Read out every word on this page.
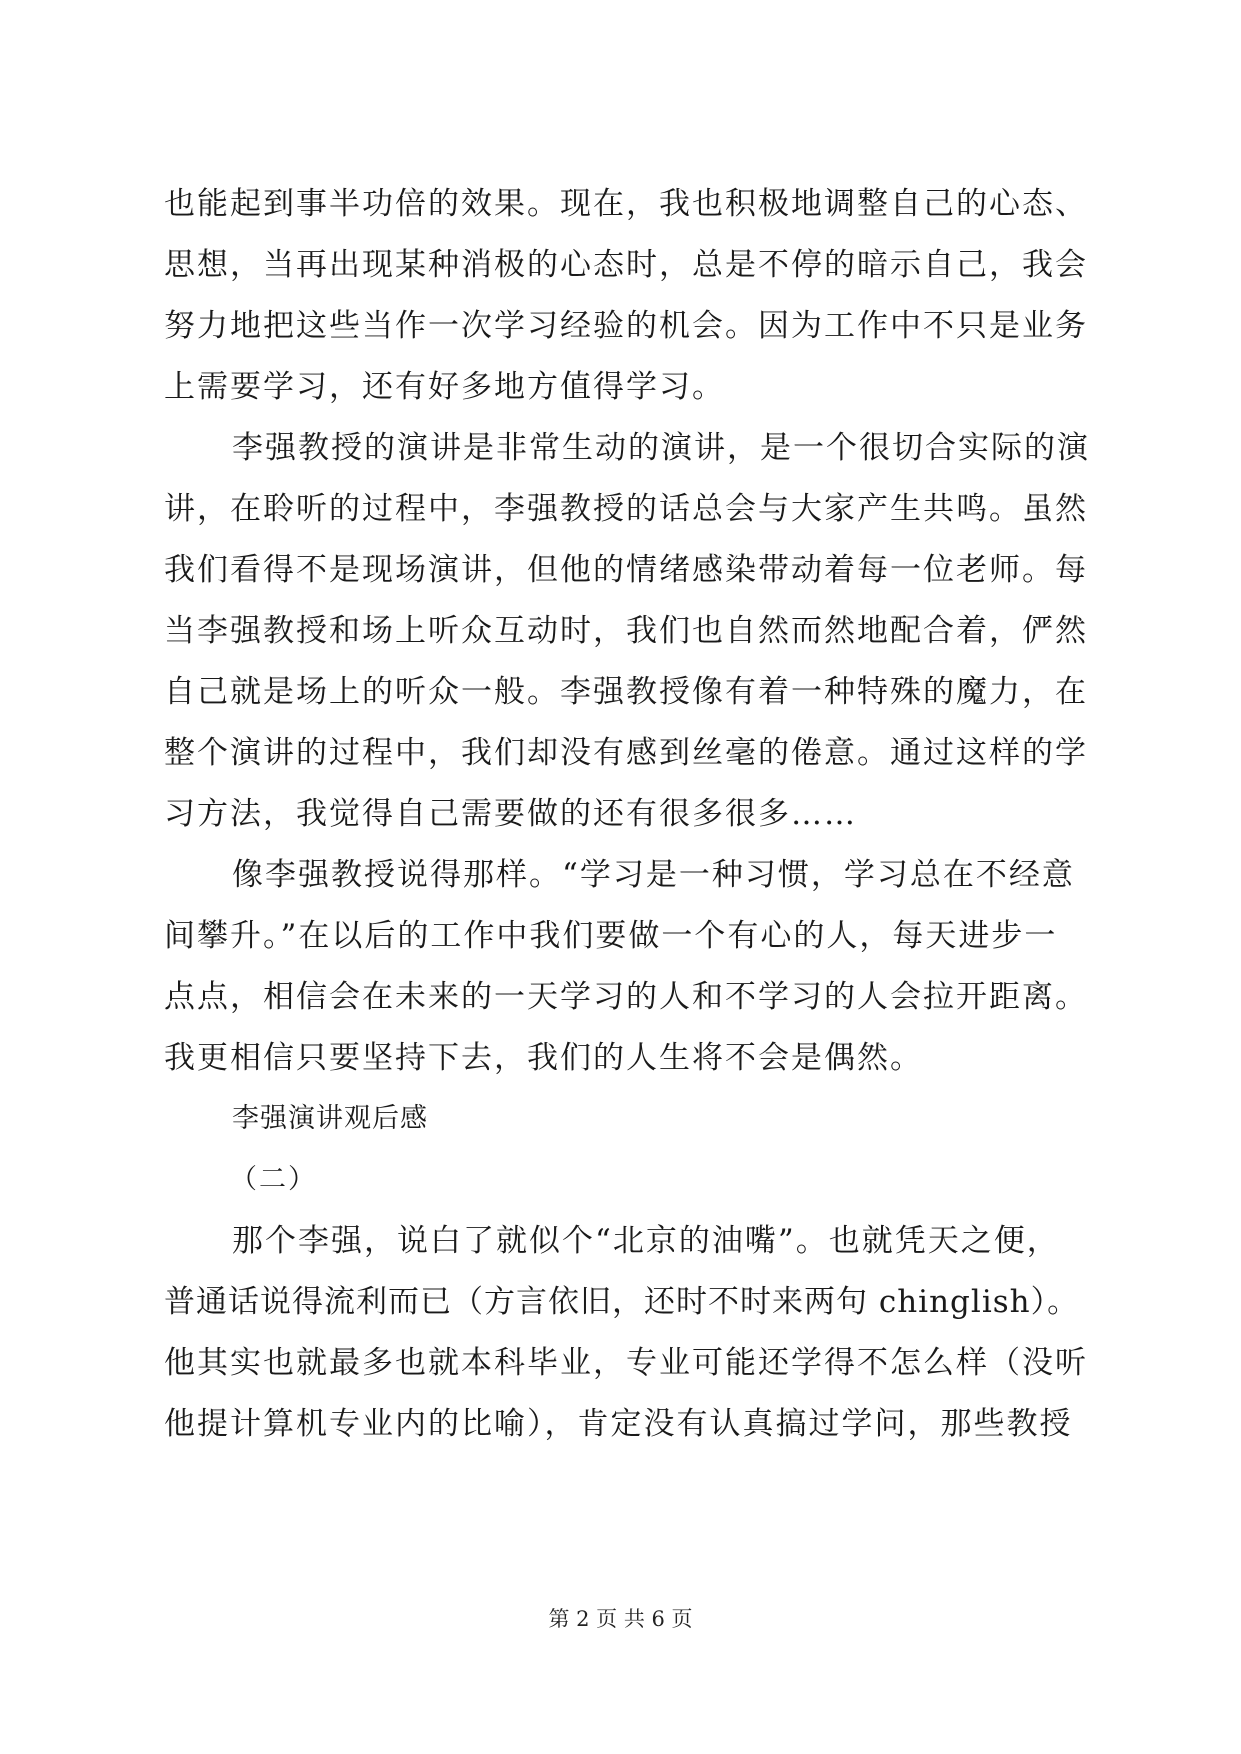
也能起到事半功倍的效果。现在，我也积极地调整自己的心态、
思想，当再出现某种消极的心态时，总是不停的暗示自己，我会
努力地把这些当作一次学习经验的机会。因为工作中不只是业务
上需要学习，还有好多地方值得学习。
李强教授的演讲是非常生动的演讲，是一个很切合实际的演
讲，在聆听的过程中，李强教授的话总会与大家产生共鸣。虽然
我们看得不是现场演讲，但他的情绪感染带动着每一位老师。每
当李强教授和场上听众互动时，我们也自然而然地配合着，俨然
自己就是场上的听众一般。李强教授像有着一种特殊的魔力，在
整个演讲的过程中，我们却没有感到丝毫的倦意。通过这样的学
习方法，我觉得自己需要做的还有很多很多……
像李强教授说得那样。“学习是一种习惯，学习总在不经意
间攀升。”在以后的工作中我们要做一个有心的人，每天进步一
点点，相信会在未来的一天学习的人和不学习的人会拉开距离。
我更相信只要坚持下去，我们的人生将不会是偶然。
李强演讲观后感
（二）
那个李强，说白了就似个“北京的油嘴”。也就凭天之便，
普通话说得流利而已（方言依旧，还时不时来两句 chinglish）。
他其实也就最多也就本科毕业，专业可能还学得不怎么样（没听
他提计算机专业内的比喻），肯定没有认真搞过学问，那些教授
第 2 页 共 6 页
